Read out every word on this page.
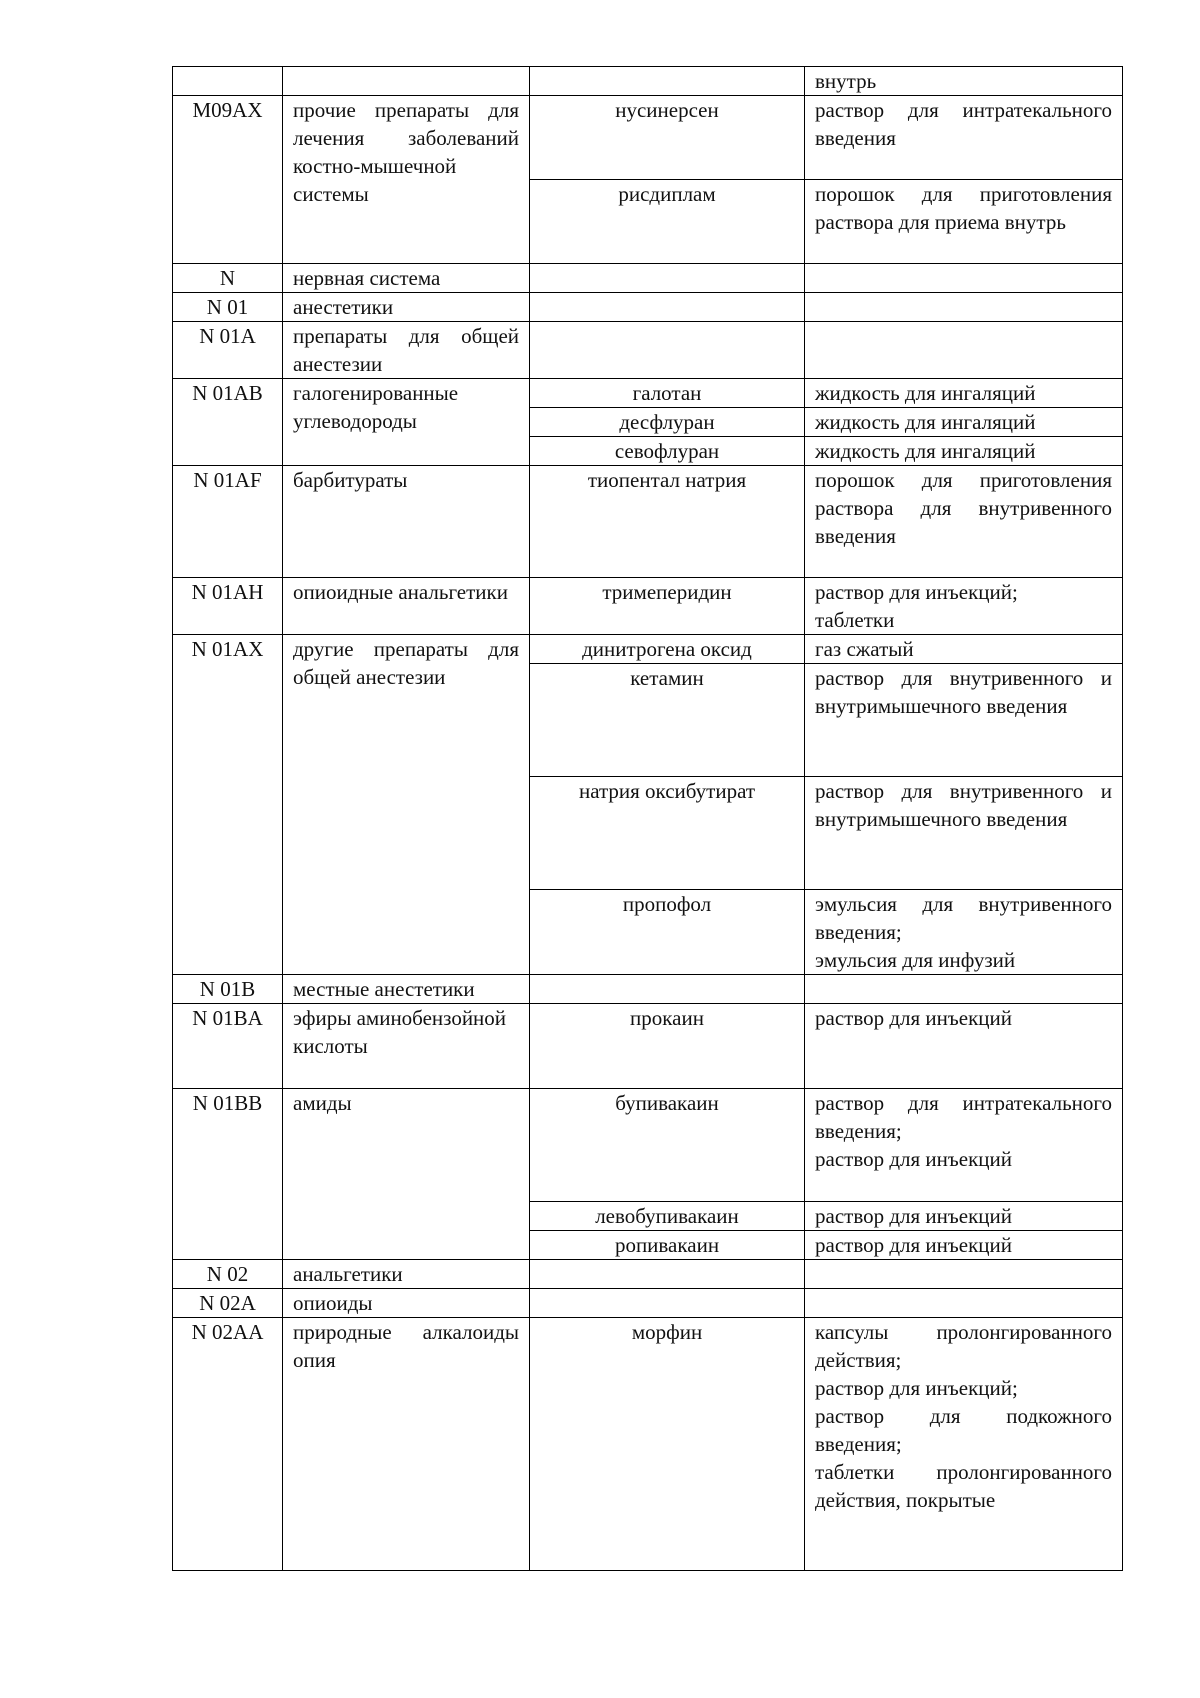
			внутрь
M09AX	прочие препараты для лечения заболеваний костно-мышечной системы	нусинерсен	раствор для интратекального введения
		рисдиплам	порошок для приготовления раствора для приема внутрь
N	нервная система		
N 01	анестетики		
N 01A	препараты для общей анестезии		
N 01AB	галогенированные углеводороды	галотан	жидкость для ингаляций
		десфлуран	жидкость для ингаляций
		севофлуран	жидкость для ингаляций
N 01AF	барбитураты	тиопентал натрия	порошок для приготовления раствора для внутривенного введения
N 01AH	опиоидные анальгетики	тримеперидин	раствор для инъекций;
таблетки

N 01AX	другие препараты для общей анестезии	динитрогена оксид	газ сжатый
		кетамин	раствор для внутривенного и внутримышечного введения
		натрия оксибутират	раствор для внутривенного и внутримышечного введения
		пропофол	эмульсия для внутривенного введения;
эмульсия для инфузий

N 01B	местные анестетики		
N 01BA	эфиры аминобензойной кислоты	прокаин	раствор для инъекций
N 01BB	амиды	бупивакаин	раствор для интратекального введения;
раствор для инъекций

		левобупивакаин	раствор для инъекций
		ропивакаин	раствор для инъекций
N 02	анальгетики		
N 02A	опиоиды		
N 02AA	природные алкалоиды опия	морфин	капсулы пролонгированного действия;
раствор для инъекций;
раствор для подкожного введения;
таблетки пролонгированного действия, покрытые
